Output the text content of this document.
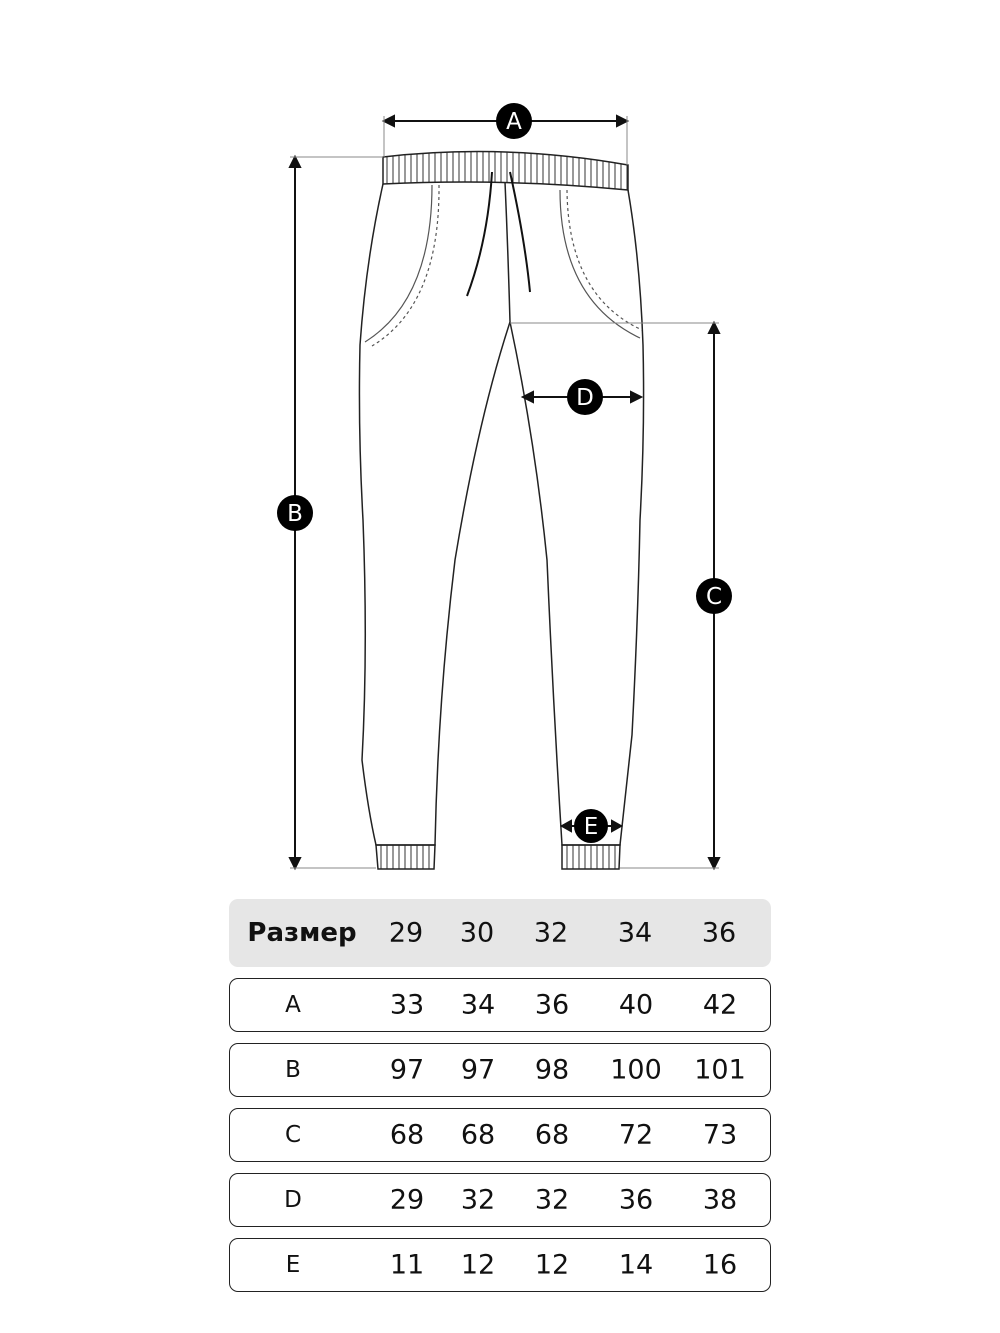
A
B
C
D
E
Размер 29 30 32 34 36
A	33 34 36 40 42
B	97 97 98 100 101
C	68 68 68 72 73
D	29 32 32 36 38
E	11 12 12 14 16
